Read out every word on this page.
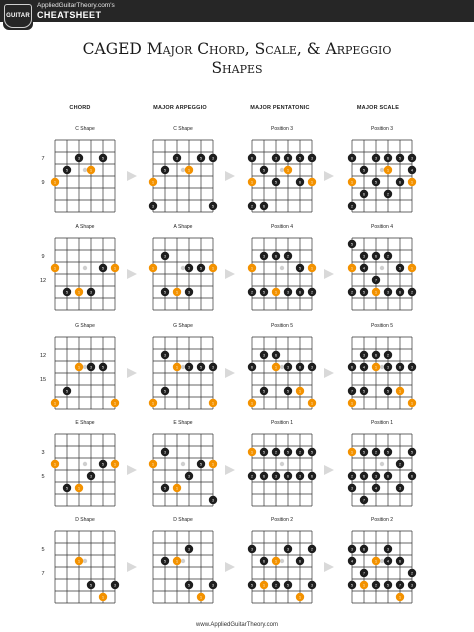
GUITAR
AppliedGuitarTheory.com's
CHEATSHEET
CAGED Major Chord, Scale, & Arpeggio
Shapes
CHORD	MAJOR ARPEGGIO	MAJOR PENTATONIC	MAJOR SCALE
C Shape
1
5
3
1
5
C Shape
1
3
5
3
1
5	3
5
Position 3
6
1
2
5
6
3
5
6
1
5
6
3
1
Position 3
6
1
2
5
6
3
5
6
1
2
5
6
3
4
1
7
9
A Shape
1
5	1	3
5	1
A Shape
1
3
5	1
5
3
5	1
Position 4
1
2
3
5
6
1
2
3
5
6
1
2
Position 4
5
1
2
3
4
5
6
7
1
2
3
5
6
1
2
9
12
G Shape
1
5
1	3	5
1
G Shape
1
3
5
1	3	5	3
1
Position 5
6
1
3
5
6
1	3
5
6
1
3
1
Position 5
6
7
1
3
4
5
6
1
2
3
5
6
1
3
1
12
15
E Shape
1
5	1
3
5	1
E Shape
1
3
5	1
3
5	1
3
Position 1
1
2
5
6
2
3
5
6
2
3
5
6
Position 1
1
2
3
5
6
7
2
3
4
5
6
2
3
5
6
3
5
D Shape
1
5
1
3
D Shape
1
3
5
1
3
5
Position 2
3
5
6
1
1
2
3
5
6
1
2
3
Position 2
3
4
5
6
7
1
1
2
3
4
5
6
7
1
2
3
5
7
www.AppliedGuitarTheory.com
